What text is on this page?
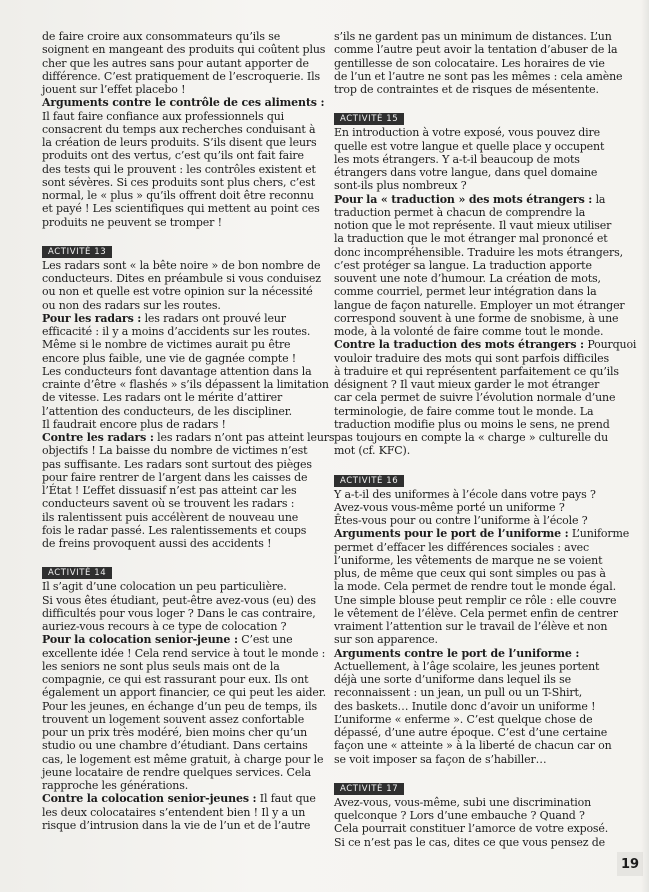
de faire croire aux consommateurs qu’ils se
soignent en mangeant des produits qui coûtent plus
cher que les autres sans pour autant apporter de
différence. C’est pratiquement de l’escroquerie. Ils
jouent sur l’effet placebo !
Arguments contre le contrôle de ces aliments :
Il faut faire confiance aux professionnels qui
consacrent du temps aux recherches conduisant à
la création de leurs produits. S’ils disent que leurs
produits ont des vertus, c’est qu’ils ont fait faire
des tests qui le prouvent : les contrôles existent et
sont sévères. Si ces produits sont plus chers, c’est
normal, le « plus » qu’ils offrent doit être reconnu
et payé ! Les scientifiques qui mettent au point ces
produits ne peuvent se tromper !
ACTIVITÉ 13
Les radars sont « la bête noire » de bon nombre de
conducteurs. Dites en préambule si vous conduisez
ou non et quelle est votre opinion sur la nécessité
ou non des radars sur les routes.
Pour les radars : les radars ont prouvé leur
efficacité : il y a moins d’accidents sur les routes.
Même si le nombre de victimes aurait pu être
encore plus faible, une vie de gagnée compte !
Les conducteurs font davantage attention dans la
crainte d’être « flashés » s’ils dépassent la limitation
de vitesse. Les radars ont le mérite d’attirer
l’attention des conducteurs, de les discipliner.
Il faudrait encore plus de radars !
Contre les radars : les radars n’ont pas atteint leurs
objectifs ! La baisse du nombre de victimes n’est
pas suffisante. Les radars sont surtout des pièges
pour faire rentrer de l’argent dans les caisses de
l’État ! L’effet dissuasif n’est pas atteint car les
conducteurs savent où se trouvent les radars :
ils ralentissent puis accélèrent de nouveau une
fois le radar passé. Les ralentissements et coups
de freins provoquent aussi des accidents !
ACTIVITÉ 14
Il s’agit d’une colocation un peu particulière.
Si vous êtes étudiant, peut-être avez-vous (eu) des
difficultés pour vous loger ? Dans le cas contraire,
auriez-vous recours à ce type de colocation ?
Pour la colocation senior-jeune : C’est une
excellente idée ! Cela rend service à tout le monde :
les seniors ne sont plus seuls mais ont de la
compagnie, ce qui est rassurant pour eux. Ils ont
également un apport financier, ce qui peut les aider.
Pour les jeunes, en échange d’un peu de temps, ils
trouvent un logement souvent assez confortable
pour un prix très modéré, bien moins cher qu’un
studio ou une chambre d’étudiant. Dans certains
cas, le logement est même gratuit, à charge pour le
jeune locataire de rendre quelques services. Cela
rapproche les générations.
Contre la colocation senior-jeunes : Il faut que
les deux colocataires s’entendent bien ! Il y a un
risque d’intrusion dans la vie de l’un et de l’autre
s’ils ne gardent pas un minimum de distances. L’un
comme l’autre peut avoir la tentation d’abuser de la
gentillesse de son colocataire. Les horaires de vie
de l’un et l’autre ne sont pas les mêmes : cela amène
trop de contraintes et de risques de mésentente.
ACTIVITÉ 15
En introduction à votre exposé, vous pouvez dire
quelle est votre langue et quelle place y occupent
les mots étrangers. Y a-t-il beaucoup de mots
étrangers dans votre langue, dans quel domaine
sont-ils plus nombreux ?
Pour la « traduction » des mots étrangers : la
traduction permet à chacun de comprendre la
notion que le mot représente. Il vaut mieux utiliser
la traduction que le mot étranger mal prononcé et
donc incompréhensible. Traduire les mots étrangers,
c’est protéger sa langue. La traduction apporte
souvent une note d’humour. La création de mots,
comme courriel, permet leur intégration dans la
langue de façon naturelle. Employer un mot étranger
correspond souvent à une forme de snobisme, à une
mode, à la volonté de faire comme tout le monde.
Contre la traduction des mots étrangers : Pourquoi
vouloir traduire des mots qui sont parfois difficiles
à traduire et qui représentent parfaitement ce qu’ils
désignent ? Il vaut mieux garder le mot étranger
car cela permet de suivre l’évolution normale d’une
terminologie, de faire comme tout le monde. La
traduction modifie plus ou moins le sens, ne prend
pas toujours en compte la « charge » culturelle du
mot (cf. KFC).
ACTIVITÉ 16
Y a-t-il des uniformes à l’école dans votre pays ?
Avez-vous vous-même porté un uniforme ?
Êtes-vous pour ou contre l’uniforme à l’école ?
Arguments pour le port de l’uniforme : L’uniforme
permet d’effacer les différences sociales : avec
l’uniforme, les vêtements de marque ne se voient
plus, de même que ceux qui sont simples ou pas à
la mode. Cela permet de rendre tout le monde égal.
Une simple blouse peut remplir ce rôle : elle couvre
le vêtement de l’élève. Cela permet enfin de centrer
vraiment l’attention sur le travail de l’élève et non
sur son apparence.
Arguments contre le port de l’uniforme :
Actuellement, à l’âge scolaire, les jeunes portent
déjà une sorte d’uniforme dans lequel ils se
reconnaissent : un jean, un pull ou un T-Shirt,
des baskets… Inutile donc d’avoir un uniforme !
L’uniforme « enferme ». C’est quelque chose de
dépassé, d’une autre époque. C’est d’une certaine
façon une « atteinte » à la liberté de chacun car on
se voit imposer sa façon de s’habiller…
ACTIVITÉ 17
Avez-vous, vous-même, subi une discrimination
quelconque ? Lors d’une embauche ? Quand ?
Cela pourrait constituer l’amorce de votre exposé.
Si ce n’est pas le cas, dites ce que vous pensez de
19
